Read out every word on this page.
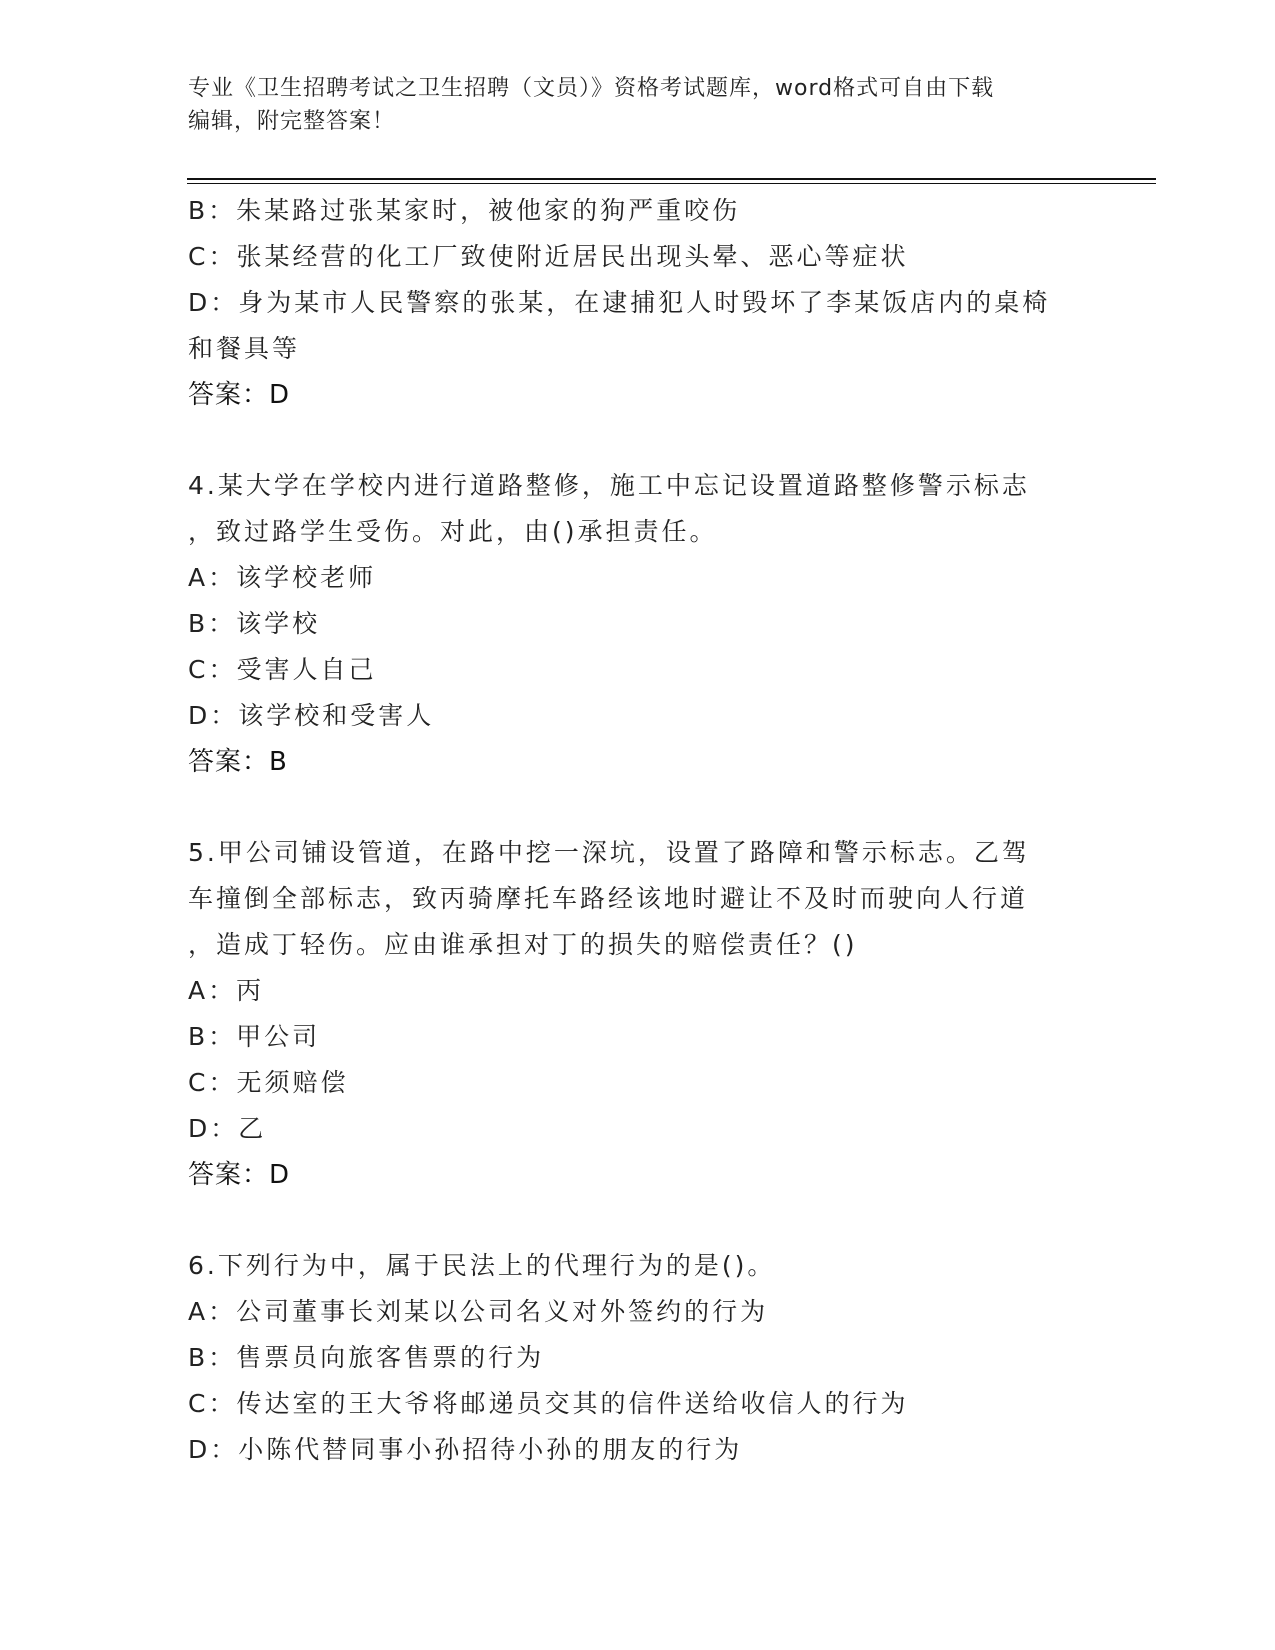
专业《卫生招聘考试之卫生招聘（文员）》资格考试题库，word格式可自由下载
编辑，附完整答案！
B：朱某路过张某家时，被他家的狗严重咬伤
C：张某经营的化工厂致使附近居民出现头晕、恶心等症状
D：身为某市人民警察的张某，在逮捕犯人时毁坏了李某饭店内的桌椅
和餐具等
答案：D
4.某大学在学校内进行道路整修，施工中忘记设置道路整修警示标志
，致过路学生受伤。对此，由()承担责任。
A：该学校老师
B：该学校
C：受害人自己
D：该学校和受害人
答案：B
5.甲公司铺设管道，在路中挖一深坑，设置了路障和警示标志。乙驾
车撞倒全部标志，致丙骑摩托车路经该地时避让不及时而驶向人行道
，造成丁轻伤。应由谁承担对丁的损失的赔偿责任？()
A：丙
B：甲公司
C：无须赔偿
D：乙
答案：D
6.下列行为中，属于民法上的代理行为的是()。
A：公司董事长刘某以公司名义对外签约的行为
B：售票员向旅客售票的行为
C：传达室的王大爷将邮递员交其的信件送给收信人的行为
D：小陈代替同事小孙招待小孙的朋友的行为
